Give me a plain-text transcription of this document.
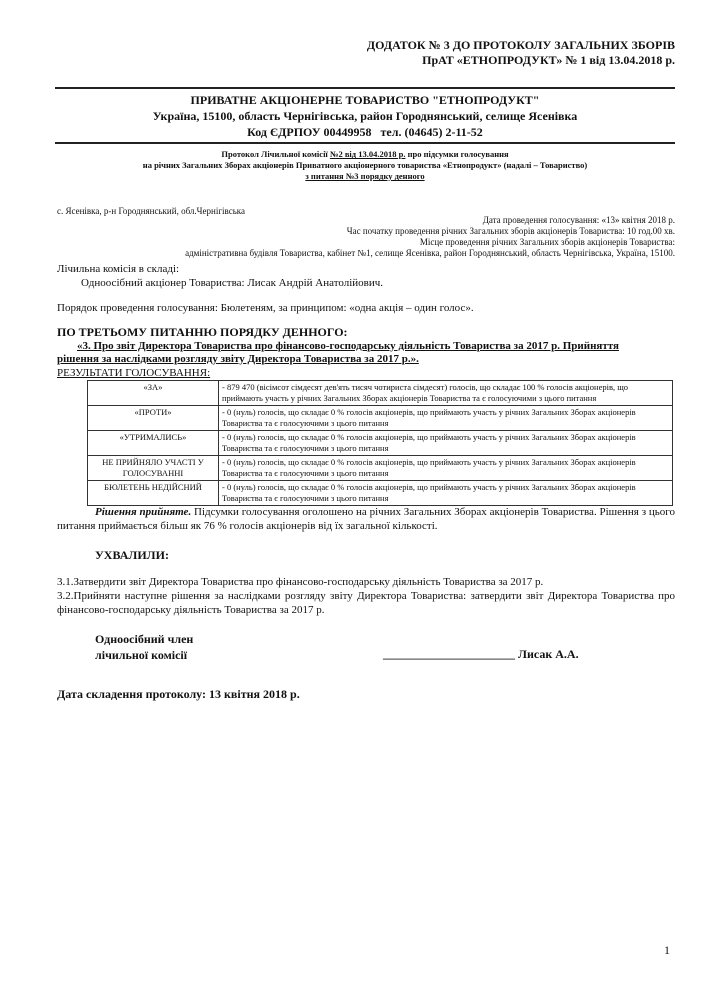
ДОДАТОК № 3 ДО ПРОТОКОЛУ ЗАГАЛЬНИХ ЗБОРІВ
ПрАТ «ЕТНОПРОДУКТ» № 1 від 13.04.2018 р.
ПРИВАТНЕ АКЦІОНЕРНЕ ТОВАРИСТВО "ЕТНОПРОДУКТ"
Україна, 15100, область Чернігівська, район Городнянський, селище Ясенівка
Код ЄДРПОУ 00449958 тел. (04645) 2-11-52
Протокол Лічильної комісії №2 від 13.04.2018 р. про підсумки голосування
на річних Загальних Зборах акціонерів Приватного акціонерного товариства «Етнопродукт» (надалі – Товариство)
з питання №3 порядку денного
с. Ясенівка, р-н Городнянський, обл.Чернігівська
Дата проведення голосування: «13» квітня 2018 р.
Час початку проведення річних Загальних зборів акціонерів Товариства: 10 год.00 хв.
Місце проведення річних Загальних зборів акціонерів Товариства:
адміністративна будівля Товариства, кабінет №1, селище Ясенівка, район Городнянський, область Чернігівська, Україна, 15100.
Лічильна комісія в складі:
Одноосібний акціонер Товариства: Лисак Андрій Анатолійович.
Порядок проведення голосування: Бюлетеням, за принципом: «одна акція – один голос».
ПО ТРЕТЬОМУ ПИТАННЮ ПОРЯДКУ ДЕННОГО:
«3. Про звіт Директора Товариства про фінансово-господарську діяльність Товариства за 2017 р. Прийняття
рішення за наслідками розгляду звіту Директора Товариства за 2017 р.».
РЕЗУЛЬТАТИ ГОЛОСУВАННЯ:
«ЗА»	- 879 470 (вісімсот сімдесят дев'ять тисяч чотириста сімдесят) голосів, що складає 100 % голосів акціонерів, що приймають участь у річних Загальних Зборах акціонерів Товариства та є голосуючими з цього питання
«ПРОТИ»	- 0 (нуль) голосів, що складає 0 % голосів акціонерів, що приймають участь у річних Загальних Зборах акціонерів Товариства та є голосуючими з цього питання
«УТРИМАЛИСЬ»	- 0 (нуль) голосів, що складає 0 % голосів акціонерів, що приймають участь у річних Загальних Зборах акціонерів Товариства та є голосуючими з цього питання
НЕ ПРИЙНЯЛО УЧАСТІ У ГОЛОСУВАННІ	- 0 (нуль) голосів, що складає 0 % голосів акціонерів, що приймають участь у річних Загальних Зборах акціонерів Товариства та є голосуючими з цього питання
БЮЛЕТЕНЬ НЕДІЙСНИЙ	- 0 (нуль) голосів, що складає 0 % голосів акціонерів, що приймають участь у річних Загальних Зборах акціонерів Товариства та є голосуючими з цього питання
Рішення прийняте. Підсумки голосування оголошено на річних Загальних Зборах акціонерів Товариства. Рішення з цього питання приймається більш як 76 % голосів акціонерів від їх загальної кількості.
УХВАЛИЛИ:
3.1.Затвердити звіт Директора Товариства про фінансово-господарську діяльність Товариства за 2017 р.
3.2.Прийняти наступне рішення за наслідками розгляду звіту Директора Товариства: затвердити звіт Директора Товариства про фінансово-господарську діяльність Товариства за 2017 р.
Одноосібний член
лічильної комісії	______________________ Лисак А.А.
Дата складення протоколу: 13 квітня 2018 р.
1
